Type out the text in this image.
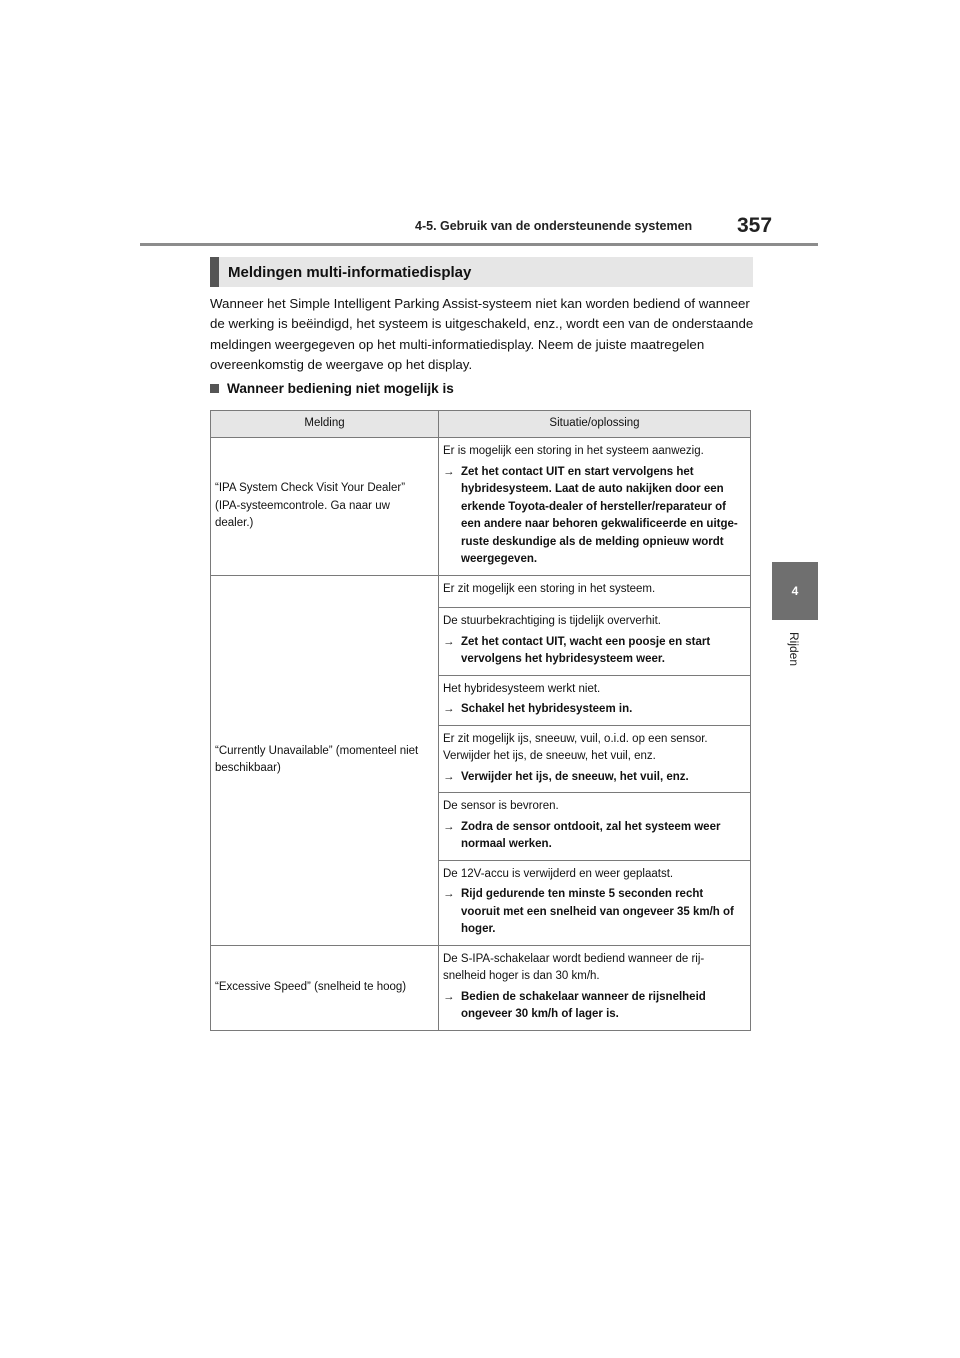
4-5. Gebruik van de ondersteunende systemen 357
4
Rijden
Meldingen multi-informatiedisplay
Wanneer het Simple Intelligent Parking Assist-systeem niet kan worden bediend of wanneer de werking is beëindigd, het systeem is uitgeschakeld, enz., wordt een van de onderstaande meldingen weergegeven op het multi-informatiedisplay. Neem de juiste maatregelen overeenkomstig de weergave op het display.
Wanneer bediening niet mogelijk is
Melding	Situatie/oplossing
“IPA System Check Visit Your Dealer” (IPA-systeemcontrole. Ga naar uw dealer.)	Er is mogelijk een storing in het systeem aanwezig.
→ Zet het contact UIT en start vervolgens het hybridesysteem. Laat de auto nakijken door een erkende Toyota-dealer of hersteller/reparateur of een andere naar behoren gekwalificeerde en uitge-ruste deskundige als de melding opnieuw wordt weergegeven.

“Currently Unavailable” (momenteel niet beschikbaar)	Er zit mogelijk een storing in het systeem.

	De stuurbekrachtiging is tijdelijk oververhit.
→ Zet het contact UIT, wacht een poosje en start vervolgens het hybridesysteem weer.

	Het hybridesysteem werkt niet.
→ Schakel het hybridesysteem in.

	Er zit mogelijk ijs, sneeuw, vuil, o.i.d. op een sensor. Verwijder het ijs, de sneeuw, het vuil, enz.
→ Verwijder het ijs, de sneeuw, het vuil, enz.

	De sensor is bevroren.
→ Zodra de sensor ontdooit, zal het systeem weer normaal werken.

	De 12V-accu is verwijderd en weer geplaatst.
→ Rijd gedurende ten minste 5 seconden recht vooruit met een snelheid van ongeveer 35 km/h of hoger.

“Excessive Speed” (snelheid te hoog)	De S-IPA-schakelaar wordt bediend wanneer de rij-snelheid hoger is dan 30 km/h.
→ Bedien de schakelaar wanneer de rijsnelheid ongeveer 30 km/h of lager is.
